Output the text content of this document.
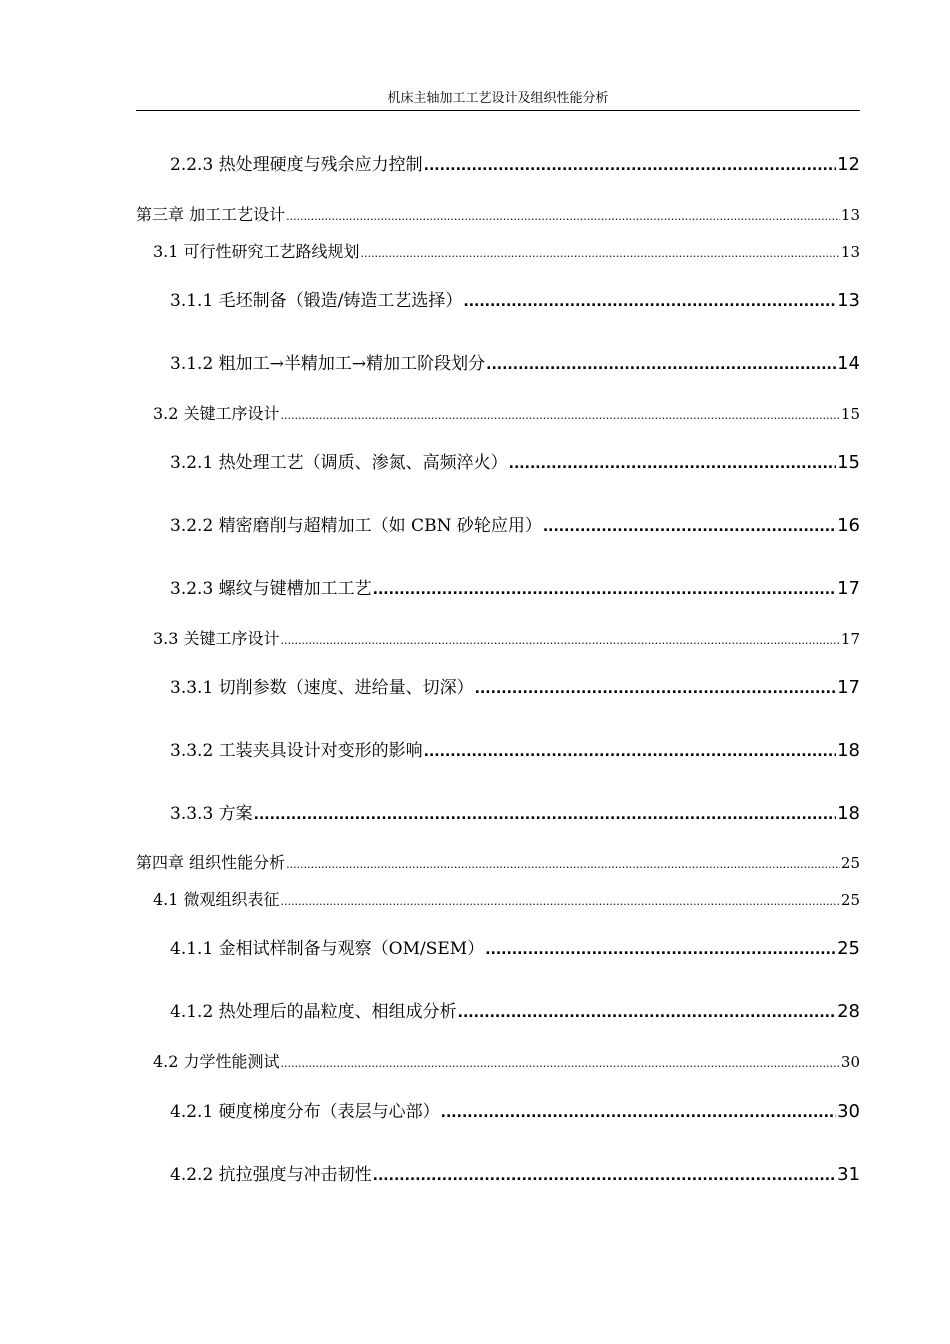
机床主轴加工工艺设计及组织性能分析
2.2.3 热处理硬度与残余应力控制 .....	12
第三章 加工工艺设计 .....	13
3.1 可行性研究工艺路线规划 .....	13
3.1.1 毛坯制备（锻造/铸造工艺选择） .....	13
3.1.2 粗加工→半精加工→精加工阶段划分 .....	14
3.2 关键工序设计 .....	15
3.2.1 热处理工艺（调质、渗氮、高频淬火） .....	15
3.2.2 精密磨削与超精加工（如 CBN 砂轮应用） .....	16
3.2.3 螺纹与键槽加工工艺 .....	17
3.3 关键工序设计 .....	17
3.3.1 切削参数（速度、进给量、切深） .....	17
3.3.2 工装夹具设计对变形的影响 .....	18
3.3.3 方案 .....	18
第四章 组织性能分析 .....	25
4.1 微观组织表征 .....	25
4.1.1 金相试样制备与观察（OM/SEM） .....	25
4.1.2 热处理后的晶粒度、相组成分析 .....	28
4.2 力学性能测试 .....	30
4.2.1 硬度梯度分布（表层与心部） .....	30
4.2.2 抗拉强度与冲击韧性 .....	31
